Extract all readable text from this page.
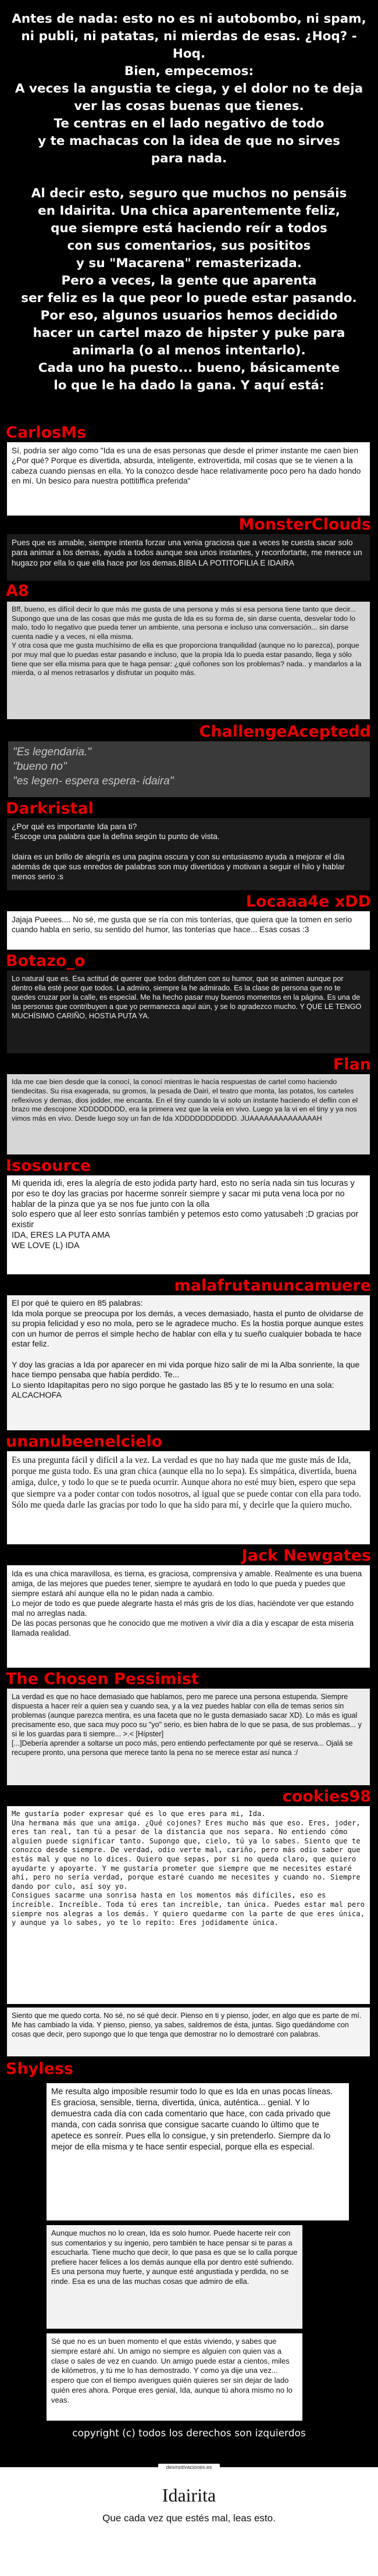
Antes de nada: esto no es ni autobombo, ni spam,
ni publi, ni patatas, ni mierdas de esas. ¿Hoq? -Hoq.
Bien, empecemos:
A veces la angustia te ciega, y el dolor no te deja
ver las cosas buenas que tienes.
Te centras en el lado negativo de todo
y te machacas con la idea de que no sirves
para nada.

Al decir esto, seguro que muchos no pensáis
en Idairita. Una chica aparentemente feliz,
que siempre está haciendo reír a todos
con sus comentarios, sus posititos
y su "Macarena" remasterizada.
Pero a veces, la gente que aparenta
ser feliz es la que peor lo puede estar pasando.
Por eso, algunos usuarios hemos decidido
hacer un cartel mazo de hipster y puke para
animarla (o al menos intentarlo).
Cada uno ha puesto... bueno, básicamente
lo que le ha dado la gana. Y aquí está:

CarlosMs

Sí, podría ser algo como "Ida es una de esas personas que desde el primer instante me caen bien ¿Por qué? Porque es divertida, absurda, inteligente, extrovertida, mil cosas que se te vienen a la cabeza cuando piensas en ella. Yo la conozco desde hace relativamente poco pero ha dado hondo en mí. Un besico para nuestra pottitiffica preferida"

MonsterClouds

Pues que es amable, siempre intenta forzar una venia graciosa que a veces te cuesta sacar solo para animar a los demas, ayuda a todos aunque sea unos instantes, y reconfortarte, me merece un hugazo por ella lo que ella hace por los demas,BIBA LA POTITOFILIA E IDAIRA

A8

Bff, bueno, es difícil decir lo que más me gusta de una persona y más si esa persona tiene tanto que decir... Supongo que una de las cosas que más me gusta de Ida es su forma de, sin darse cuenta, desvelar todo lo malo, todo lo negativo que pueda tener un ambiente, una persona e incluso una conversación... sin darse cuenta nadie y a veces, ni ella misma.
Y otra cosa que me gusta muchísimo de ella es que proporciona tranquilidad (aunque no lo parezca), porque por muy mal que lo puedas estar pasando e incluso, que la propia Ida lo pueda estar pasando, llega y sólo tiene que ser ella misma para que te haga pensar: ¿qué coñones son los problemas? nada.. y mandarlos a la mierda, o al menos retrasarlos y disfrutar un poquito más.

ChallengeAceptedd

"Es legendaria."
"bueno no"
"es legen- espera espera- idaira"

Darkristal

¿Por qué es importante Ida para ti?
-Escoge una palabra que la defina según tu punto de vista.

Idaira es un brillo de alegría es una pagina oscura y con su entusiasmo ayuda a mejorar el día además de que sus enredos de palabras son muy divertidos y motivan a seguir el hilo y hablar menos serio :s

Locaaa4e xDD

Jajaja Pueees.... No sé, me gusta que se ría con mis tonterías, que quiera que la tomen en serio cuando habla en serio, su sentido del humor, las tonterías que hace... Esas cosas :3

Botazo_o

Lo natural que es. Esa actitud de querer que todos disfruten con su humor, que se animen aunque por dentro ella esté peor que todos. La admiro, siempre la he admirado. Es la clase de persona que no te quedes cruzar por la calle, es especial. Me ha hecho pasar muy buenos momentos en la página. Es una de las personas que contribuyen a que yo permanezca aquí aún, y se lo agradezco mucho. Y QUE LE TENGO MUCHÍSIMO CARIÑO, HOSTIA PUTA YA.

Flan

Ida me cae bien desde que la conocí, la conocí mientras le hacía respuestas de cartel como haciendo tiendecitas. Su risa exagerada, su gromos, la pesada de Dairi, el teatro que monta, las potatos, los carteles reflexivos y demas, dios jodder, me encanta. En el tiny cuando la vi solo un instante haciendo el deflin con el brazo me descojone XDDDDDDDD, era la primera vez que la veía en vivo. Luego ya la vi en el tiny y ya nos vimos más en vivo. Desde luego soy un fan de Ida XDDDDDDDDDDD. JUAAAAAAAAAAAAAAH

Isosource

Mi querida idi, eres la alegría de esto jodida party hard, esto no sería nada sin tus locuras y por eso te doy las gracias por hacerme sonreír siempre y sacar mi puta vena loca por no hablar de la pinza que ya se nos fue junto con la olla
solo espero que al leer esto sonrías también y petemos esto como yatusabeh ;D gracias por existir
IDA, ERES LA PUTA AMA
WE LOVE (L) IDA

malafrutanuncamuere

El por qué te quiero en 85 palabras:
Ida mola porque se preocupa por los demás, a veces demasiado, hasta el punto de olvidarse de su propia felicidad y eso no mola, pero se le agradece mucho. Es la hostia porque aunque estes con un humor de perros el simple hecho de hablar con ella y tu sueño cualquier bobada te hace estar feliz.

Y doy las gracias a Ida por aparecer en mi vida porque hizo salir de mi la Alba sonriente, la que hace tiempo pensaba que había perdido. Te...
Lo siento Idapitapitas pero no sigo porque he gastado las 85 y te lo resumo en una sola: ALCACHOFA

unanubeenelcielo

Es una pregunta fácil y difícil a la vez. La verdad es que no hay nada que me guste más de Ida, porque me gusta todo. Es una gran chica (aunque ella no lo sepa). Es simpática, divertida, buena amiga, dulce, y todo lo que se te pueda ocurrir. Aunque ahora no esté muy bien, espero que sepa que siempre va a poder contar con todos nosotros, al igual que se puede contar con ella para todo. Sólo me queda darle las gracias por todo lo que ha sido para mí, y decirle que la quiero mucho.

Jack Newgates

Ida es una chica maravillosa, es tierna, es graciosa, comprensiva y amable. Realmente es una buena amiga, de las mejores que puedes tener, siempre te ayudará en todo lo que pueda y puedes que siempre estará ahí aunque ella no le pidan nada a cambio.
Lo mejor de todo es que puede alegrarte hasta el más gris de los días, haciéndote ver que estando mal no arreglas nada.
De las pocas personas que he conocido que me motiven a vivir día a día y escapar de esta miseria llamada realidad.

The Chosen Pessimist

La verdad es que no hace demasiado que hablamos, pero me parece una persona estupenda. Siempre dispuesta a hacer reír a quien sea y cuando sea, y a la vez puedes hablar con ella de temas serios sin problemas (aunque parezca mentira, es una faceta que no le gusta demasiado sacar XD). Lo más es igual precisamente eso, que saca muy poco su "yo" serio, es bien habra de lo que se pasa, de sus problemas... y si le los guardas para ti siempre... >.< [Hípster]
[...]Debería aprender a soltarse un poco más, pero entiendo perfectamente por qué se reserva... Ojalá se recupere pronto, una persona que merece tanto la pena no se merece estar así nunca :/

cookies98

Me gustaría poder expresar qué es lo que eres para mi, Ida.
Una hermana más que una amiga. ¿Qué cojones? Eres mucho más que eso. Eres, joder, eres tan real, tan tú a pesar de la distancia que nos separa. No entiendo cómo alguien puede significar tanto. Supongo que, cielo, tú ya lo sabes. Siento que te conozco desde siempre. De verdad, odio verte mal, cariño, pero más odio saber que estás mal y que no lo dices. Quiero que sepas, por si no queda claro, que quiero ayudarte y apoyarte. Y me gustaría prometer que siempre que me necesites estaré ahí, pero no sería verdad, porque estaré cuando me necesites y cuando no. Siempre dando por culo, así soy yo.
Consigues sacarme una sonrisa hasta en los momentos más difíciles, eso es increíble. Increíble. Toda tú eres tan increíble, tan única. Puedes estar mal pero siempre nos alegras a los demás. Y quiero quedarme con la parte de que eres única, y aunque ya lo sabes, yo te lo repito: Eres jodidamente única.

Siento que me quedo corta. No sé, no sé qué decir. Pienso en ti y pienso, joder, en algo que es parte de mí. Me has cambiado la vida. Y pienso, pienso, ya sabes, saldremos de ésta, juntas. Sigo quedándome con cosas que decir, pero supongo que lo que tenga que demostrar no lo demostraré con palabras.

Shyless

Me resulta algo imposible resumir todo lo que es Ida en unas pocas líneas. Es graciosa, sensible, tierna, divertida, única, auténtica... genial. Y lo demuestra cada día con cada comentario que hace, con cada privado que manda, con cada sonrisa que consigue sacarte cuando lo último que te apetece es sonreír. Pues ella lo consigue, y sin pretenderlo. Siempre da lo mejor de ella misma y te hace sentir especial, porque ella es especial.

Aunque muchos no lo crean, Ida es solo humor. Puede hacerte reír con sus comentarios y su ingenio, pero también te hace pensar si te paras a escucharla. Tiene mucho que decir, lo que pasa es que se lo calla porque prefiere hacer felices a los demás aunque ella por dentro esté sufriendo. Es una persona muy fuerte, y aunque esté angustiada y perdida, no se rinde. Esa es una de las muchas cosas que admiro de ella.

Sé que no es un buen momento el que estás viviendo, y sabes que siempre estaré ahí. Un amigo no siempre es alguien con quien vas a clase o sales de vez en cuando. Un amigo puede estar a cientos, miles de kilómetros, y tú me lo has demostrado. Y como ya dije una vez... espero que con el tiempo averigues quién quieres ser sin dejar de lado quién eres ahora. Porque eres genial, Ida, aunque tú ahora mismo no lo veas.

copyright (c) todos los derechos son izquierdos
desmotivaciones.es
Idairita
Que cada vez que estés mal, leas esto.
